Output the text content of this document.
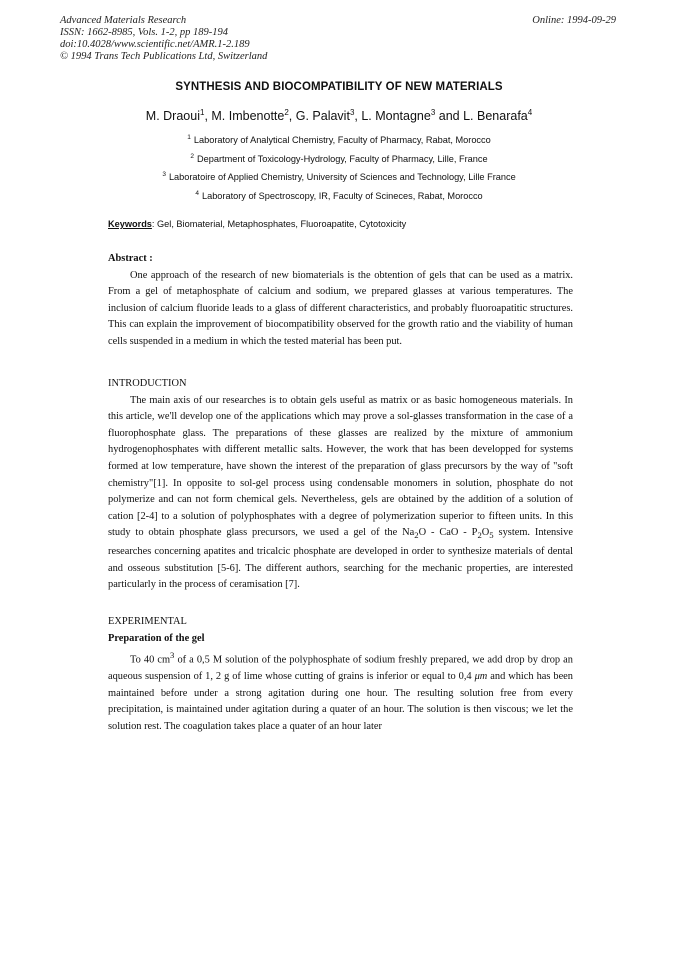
Advanced Materials Research
ISSN: 1662-8985, Vols. 1-2, pp 189-194
doi:10.4028/www.scientific.net/AMR.1-2.189
© 1994 Trans Tech Publications Ltd, Switzerland
Online: 1994-09-29
SYNTHESIS AND BIOCOMPATIBILITY OF NEW MATERIALS
M. Draoui$^1$, M. Imbenotte$^2$, G. Palavit$^3$, L. Montagne$^3$ and L. Benarafa$^4$
$^1$ Laboratory of Analytical Chemistry, Faculty of Pharmacy, Rabat, Morocco
$^2$ Department of Toxicology-Hydrology, Faculty of Pharmacy, Lille, France
$^3$ Laboratoire of Applied Chemistry, University of Sciences and Technology, Lille France
$^4$ Laboratory of Spectroscopy, IR, Faculty of Scineces, Rabat, Morocco
Keywords: Gel, Biomaterial, Metaphosphates, Fluoroapatite, Cytotoxicity
Abstract :
One approach of the research of new biomaterials is the obtention of gels that can be used as a matrix. From a gel of metaphosphate of calcium and sodium, we prepared glasses at various temperatures. The inclusion of calcium fluoride leads to a glass of different characteristics, and probably fluoroapatitic structures. This can explain the improvement of biocompatibility observed for the growth ratio and the viability of human cells suspended in a medium in which the tested material has been put.
INTRODUCTION
The main axis of our researches is to obtain gels useful as matrix or as basic homogeneous materials. In this article, we'll develop one of the applications which may prove a sol-glasses transformation in the case of a fluorophosphate glass. The preparations of these glasses are realized by the mixture of ammonium hydrogenophosphates with different metallic salts. However, the work that has been developped for systems formed at low temperature, have shown the interest of the preparation of glass precursors by the way of "soft chemistry"[1]. In opposite to sol-gel process using condensable monomers in solution, phosphate do not polymerize and can not form chemical gels. Nevertheless, gels are obtained by the addition of a solution of cation [2-4] to a solution of polyphosphates with a degree of polymerization superior to fifteen units. In this study to obtain phosphate glass precursors, we used a gel of the $Na_2O$ - CaO - $P_2O_5$ system. Intensive researches concerning apatites and tricalcic phosphate are developed in order to synthesize materials of dental and osseous substitution [5-6]. The different authors, searching for the mechanic properties, are interested particularly in the process of ceramisation [7].
EXPERIMENTAL
Preparation of the gel
To 40 $cm^3$ of a 0,5 M solution of the polyphosphate of sodium freshly prepared, we add drop by drop an aqueous suspension of 1, 2 g of lime whose cutting of grains is inferior or equal to 0,4 μm and which has been maintained before under a strong agitation during one hour. The resulting solution free from every precipitation, is maintained under agitation during a quater of an hour. The solution is then viscous; we let the solution rest. The coagulation takes place a quater of an hour later
